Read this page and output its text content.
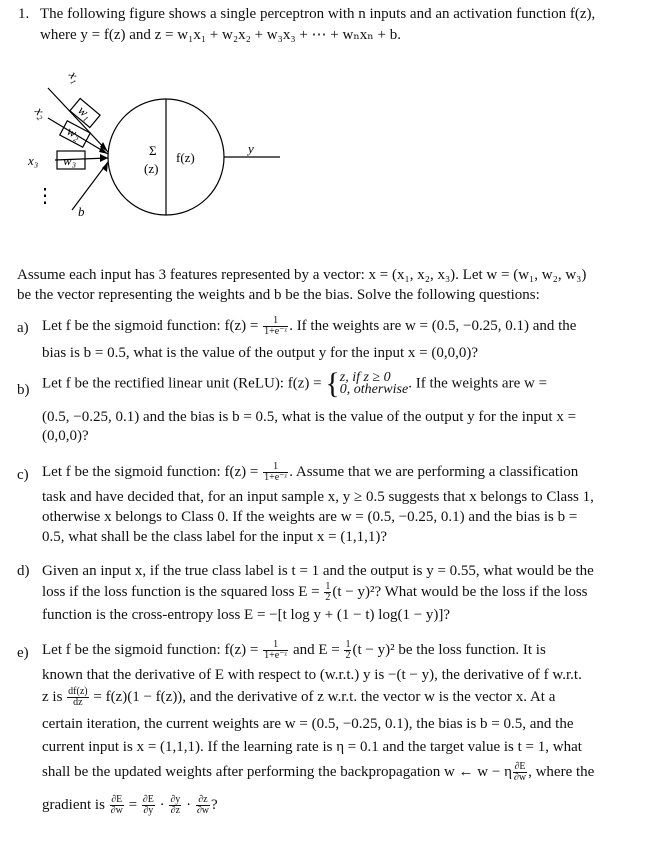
1. The following figure shows a single perceptron with n inputs and an activation function f(z),
where y = f(z) and z = w₁x₁ + w₂x₂ + w₃x₃ + ⋯ + wₙxₙ + b.
x₁
x₂
x₃
w₁
w₂
w₃
b
y
⋮
Σ
(z)
f(z)
Assume each input has 3 features represented by a vector: x = (x₁, x₂, x₃). Let w = (w₁, w₂, w₃)
be the vector representing the weights and b be the bias. Solve the following questions:
a) Let f be the sigmoid function: $f(z) = \frac{1}{\text{1+e⁻ᶻ}}$ . If the weights are w = (0.5, −0.25, 0.1) and the
bias is b = 0.5, what is the value of the output y for the input x = (0,0,0)?
b) Let f be the rectified linear unit (ReLU): f(z) = { z, if z ≥ 0
0, otherwise . If the weights are w =
(0.5, −0.25, 0.1) and the bias is b = 0.5, what is the value of the output y for the input x =
(0,0,0)?
c) Let f be the sigmoid function: $f(z) = \frac{1}{\text{1+e⁻ᶻ}}$ . Assume that we are performing a classification
task and have decided that, for an input sample x, y ≥ 0.5 suggests that x belongs to Class 1,
otherwise x belongs to Class 0. If the weights are w = (0.5, −0.25, 0.1) and the bias is b =
0.5, what shall be the class label for the input x = (1,1,1)?
d) Given an input x, if the true class label is t = 1 and the output is y = 0.55, what would be the
loss if the loss function is the squared loss $E = \frac{1}{2} (t - y)^2$? What would be the loss if the loss
function is the cross-entropy loss E = −[t log y + (1 − t) log(1 − y)]?
e) Let f be the sigmoid function: $f(z) = \frac{1}{\text{1+e⁻ᶻ}}$ and $E = \frac{1}{2} (t - y)^2$ be the loss function. It is
known that the derivative of E with respect to (w.r.t.) y is −(t − y), the derivative of f w.r.t.
z is $\frac{df(z)}{dz} = f(z)(1 - f(z))$, and the derivative of z w.r.t. the vector w is the vector x. At a
certain iteration, the current weights are w = (0.5, −0.25, 0.1), the bias is b = 0.5, and the
current input is x = (1,1,1). If the learning rate is η = 0.1 and the target value is t = 1, what
shall be the updated weights after performing the backpropagation w ← w − η $\frac{\partial E}{\partial w}$ , where the
gradient is $\frac{\partial E}{\partial w} = \frac{\partial E}{\partial y} \cdot \frac{\partial y}{\partial z} \cdot \frac{\partial z}{\partial w}$ ?
